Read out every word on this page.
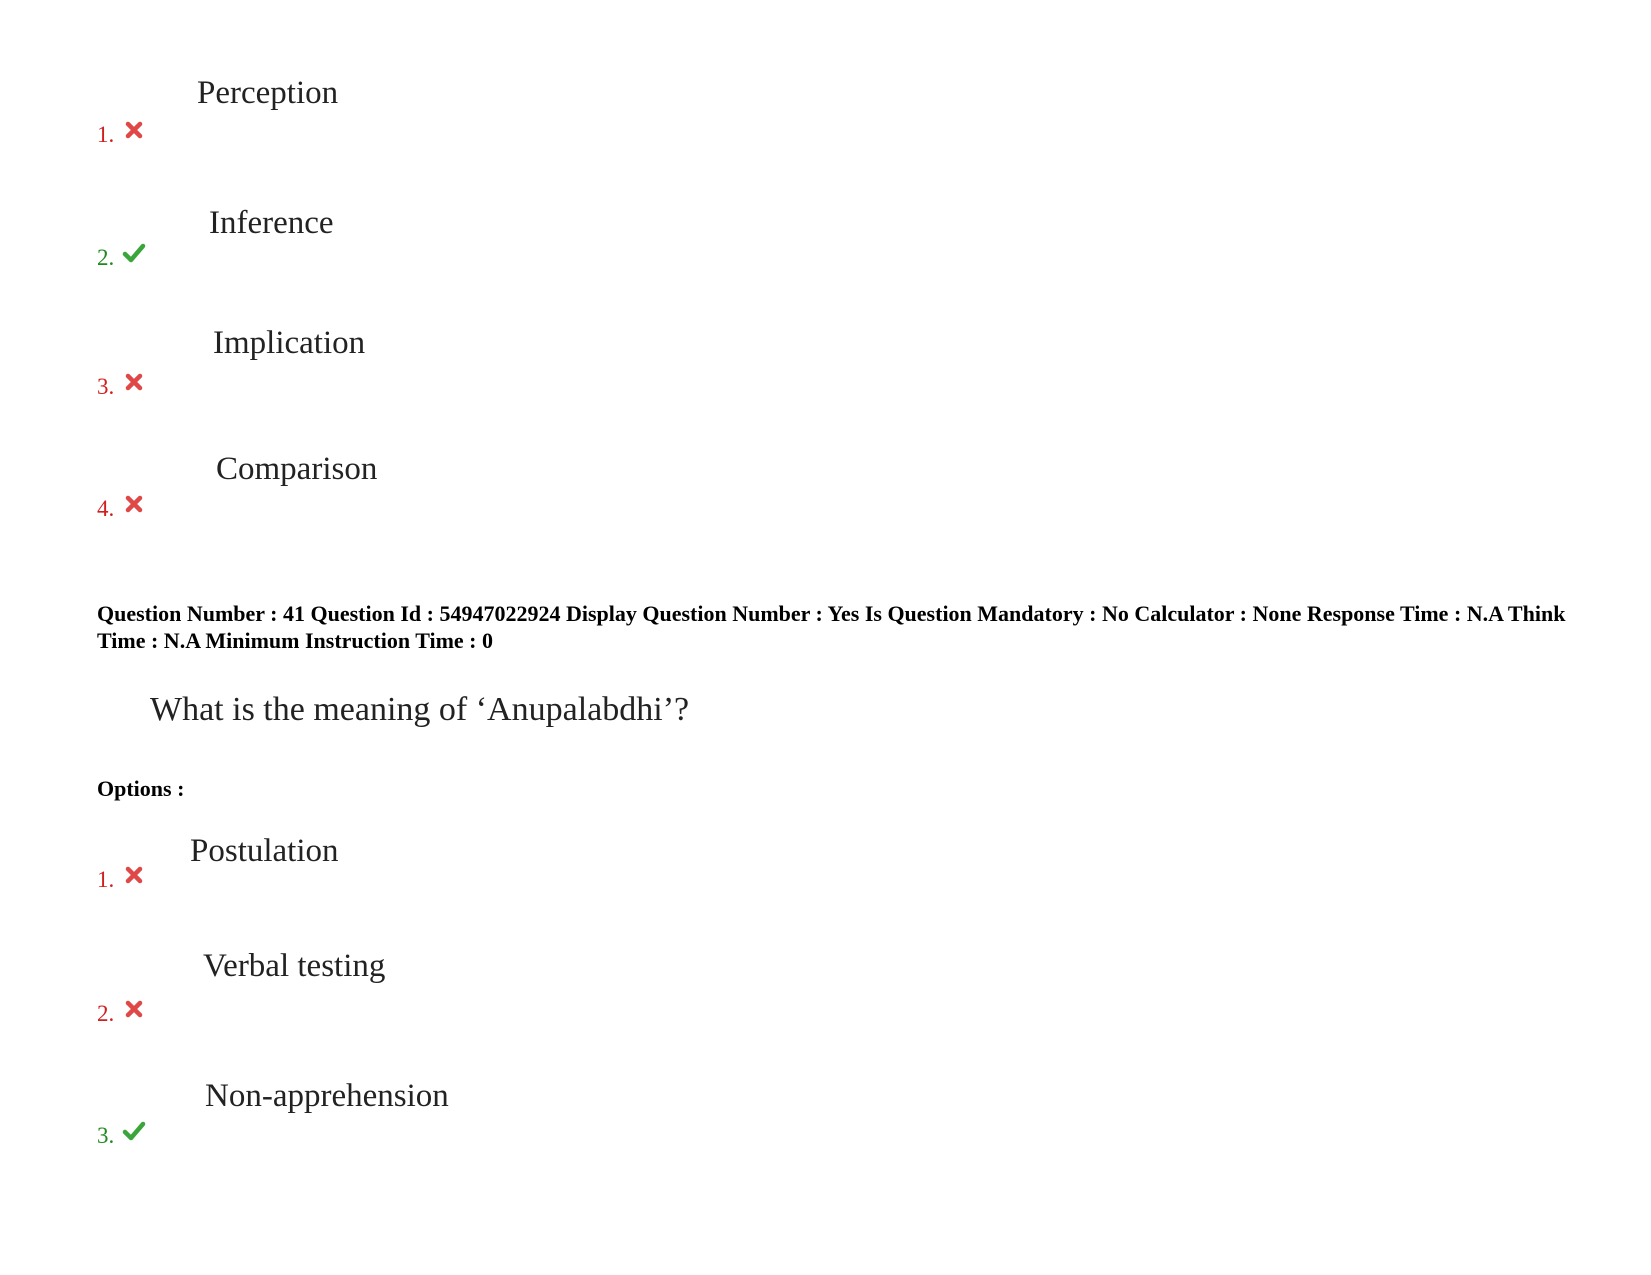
Perception
1.
Inference
2.
Implication
3.
Comparison
4.
Question Number : 41 Question Id : 54947022924 Display Question Number : Yes Is Question Mandatory : No Calculator : None Response Time : N.A Think Time : N.A Minimum Instruction Time : 0
What is the meaning of ‘Anupalabdhi’?
Options :
Postulation
1.
Verbal testing
2.
Non-apprehension
3.
